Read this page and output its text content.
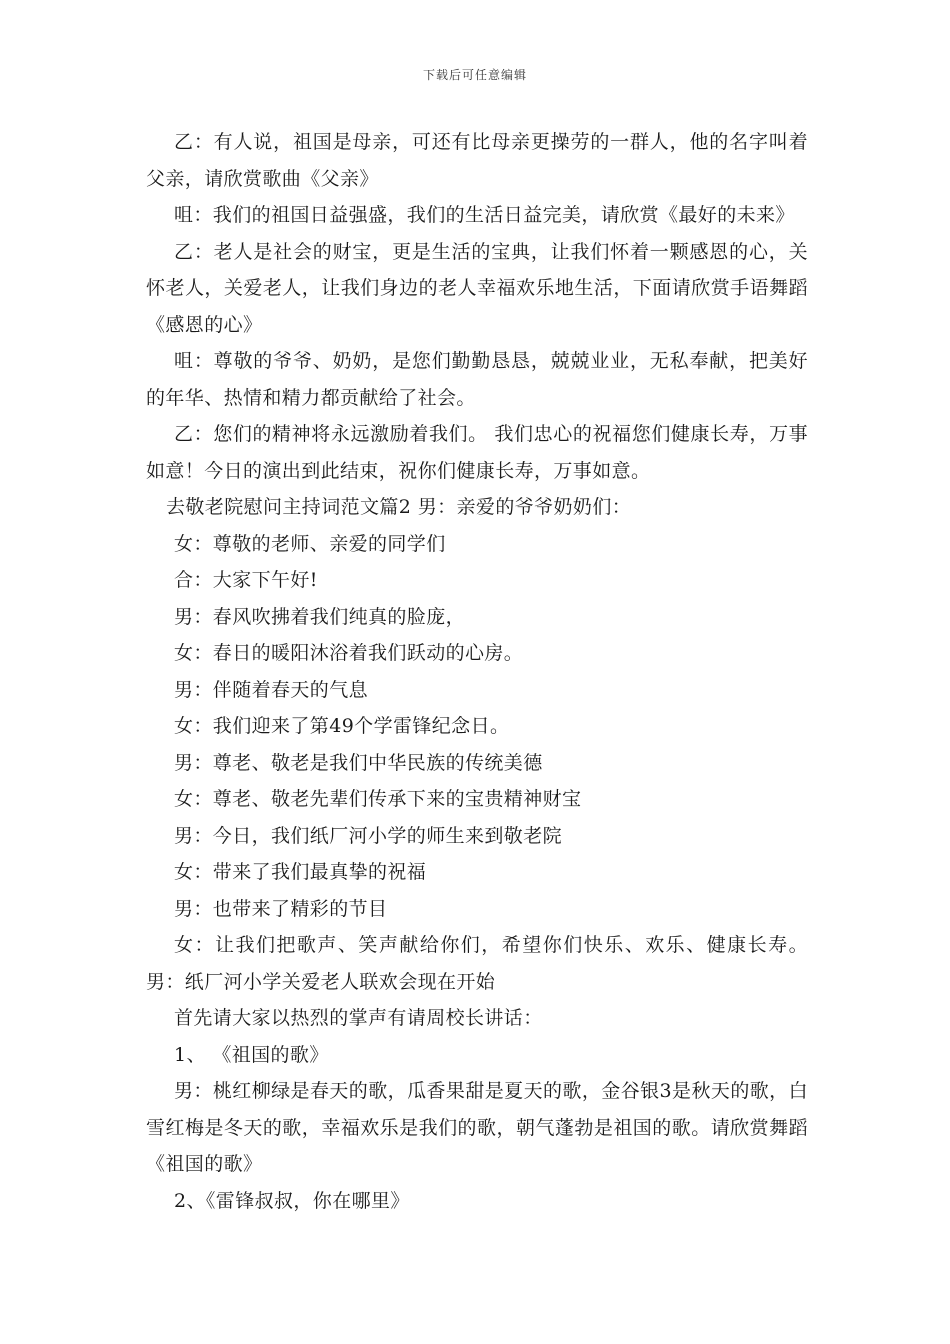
下载后可任意编辑

乙：有人说，祖国是母亲，可还有比母亲更操劳的一群人，他的名字叫着父亲，请欣赏歌曲《父亲》

咀：我们的祖国日益强盛，我们的生活日益完美，请欣赏《最好的未来》

乙：老人是社会的财宝，更是生活的宝典，让我们怀着一颗感恩的心，关怀老人，关爱老人，让我们身边的老人幸福欢乐地生活，下面请欣赏手语舞蹈《感恩的心》

咀：尊敬的爷爷、奶奶，是您们勤勤恳恳，兢兢业业，无私奉献，把美好的年华、热情和精力都贡献给了社会。

乙：您们的精神将永远激励着我们。 我们忠心的祝福您们健康长寿，万事如意！今日的演出到此结束，祝你们健康长寿，万事如意。

去敬老院慰问主持词范文篇2 男：亲爱的爷爷奶奶们：

女：尊敬的老师、亲爱的同学们

合：大家下午好!

男：春风吹拂着我们纯真的脸庞，

女：春日的暖阳沐浴着我们跃动的心房。

男：伴随着春天的气息

女：我们迎来了第49个学雷锋纪念日。

男：尊老、敬老是我们中华民族的传统美德

女：尊老、敬老先辈们传承下来的宝贵精神财宝

男：今日，我们纸厂河小学的师生来到敬老院

女：带来了我们最真挚的祝福

男：也带来了精彩的节目

女：让我们把歌声、笑声献给你们，希望你们快乐、欢乐、健康长寿。男：纸厂河小学关爱老人联欢会现在开始

首先请大家以热烈的掌声有请周校长讲话：

1、 《祖国的歌》

男：桃红柳绿是春天的歌，瓜香果甜是夏天的歌，金谷银3是秋天的歌，白雪红梅是冬天的歌，幸福欢乐是我们的歌，朝气蓬勃是祖国的歌。请欣赏舞蹈《祖国的歌》

2、《雷锋叔叔，你在哪里》
